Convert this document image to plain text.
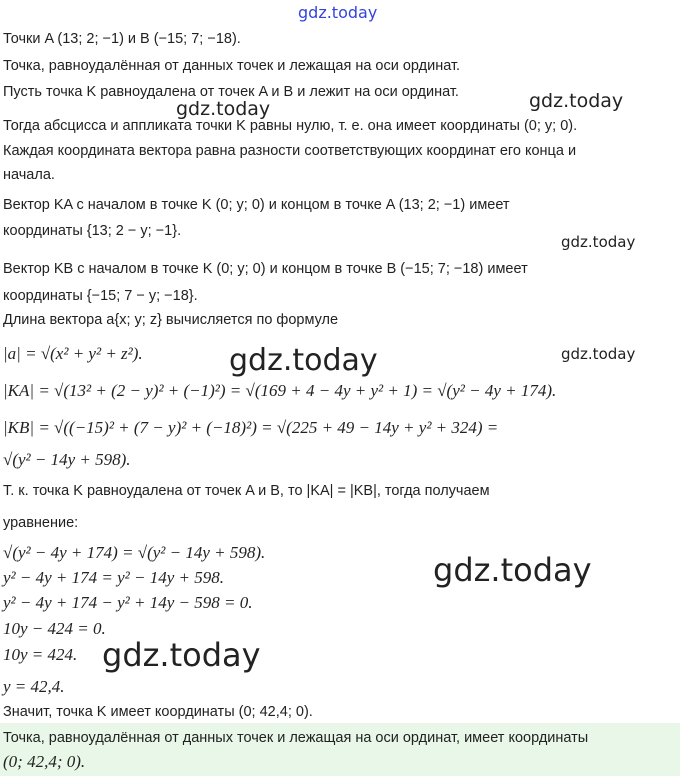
gdz.today
gdz.today
gdz.today
gdz.today
gdz.today
gdz.today
gdz.today
gdz.today
Точки A (13; 2; −1) и B (−15; 7; −18).
Точка, равноудалённая от данных точек и лежащая на оси ординат.
Пусть точка K равноудалена от точек A и B и лежит на оси ординат.
Тогда абсцисса и аппликата точки K равны нулю, т. е. она имеет координаты (0; y; 0).
Каждая координата вектора равна разности соответствующих координат его конца и
начала.
Вектор KA с началом в точке K (0; y; 0) и концом в точке A (13; 2; −1) имеет
координаты {13; 2 − y; −1}.
Вектор KB с началом в точке K (0; y; 0) и концом в точке B (−15; 7; −18) имеет
координаты {−15; 7 − y; −18}.
Длина вектора a{x; y; z} вычисляется по формуле
|a| = √(x² + y² + z²).
|KA| = √(13² + (2 − y)² + (−1)²) = √(169 + 4 − 4y + y² + 1) = √(y² − 4y + 174).
|KB| = √((−15)² + (7 − y)² + (−18)²) = √(225 + 49 − 14y + y² + 324) =
√(y² − 14y + 598).
Т. к. точка K равноудалена от точек A и B, то |KA| = |KB|, тогда получаем
уравнение:
√(y² − 4y + 174) = √(y² − 14y + 598).
y² − 4y + 174 = y² − 14y + 598.
y² − 4y + 174 − y² + 14y − 598 = 0.
10y − 424 = 0.
10y = 424.
y = 42,4.
Значит, точка K имеет координаты (0; 42,4; 0).
Точка, равноудалённая от данных точек и лежащая на оси ординат, имеет координаты
(0; 42,4; 0).
